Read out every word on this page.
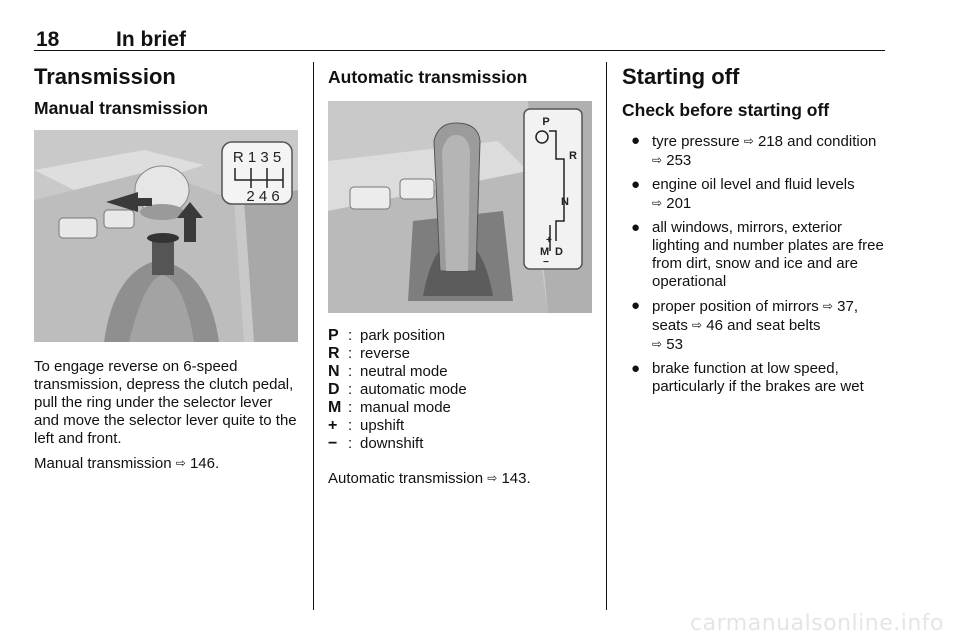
18	In brief
Transmission
Manual transmission
R 1 3 5
2 4 6

To engage reverse on 6-speed transmission, depress the clutch pedal, pull the ring under the selector lever and move the selector lever quite to the left and front.

Manual transmission ⇨ 146.

Automatic transmission
P
R
N
+
M D
−
P : park position
R : reverse
N : neutral mode
D : automatic mode
M : manual mode
+ : upshift
− : downshift

Automatic transmission ⇨ 143.

Starting off
Check before starting off
● tyre pressure ⇨ 218 and condition ⇨ 253
● engine oil level and fluid levels
⇨ 201
● all windows, mirrors, exterior lighting and number plates are free from dirt, snow and ice and are operational
● proper position of mirrors ⇨ 37, seats ⇨ 46 and seat belts
⇨ 53
● brake function at low speed, particularly if the brakes are wet
carmanualsonline.info
